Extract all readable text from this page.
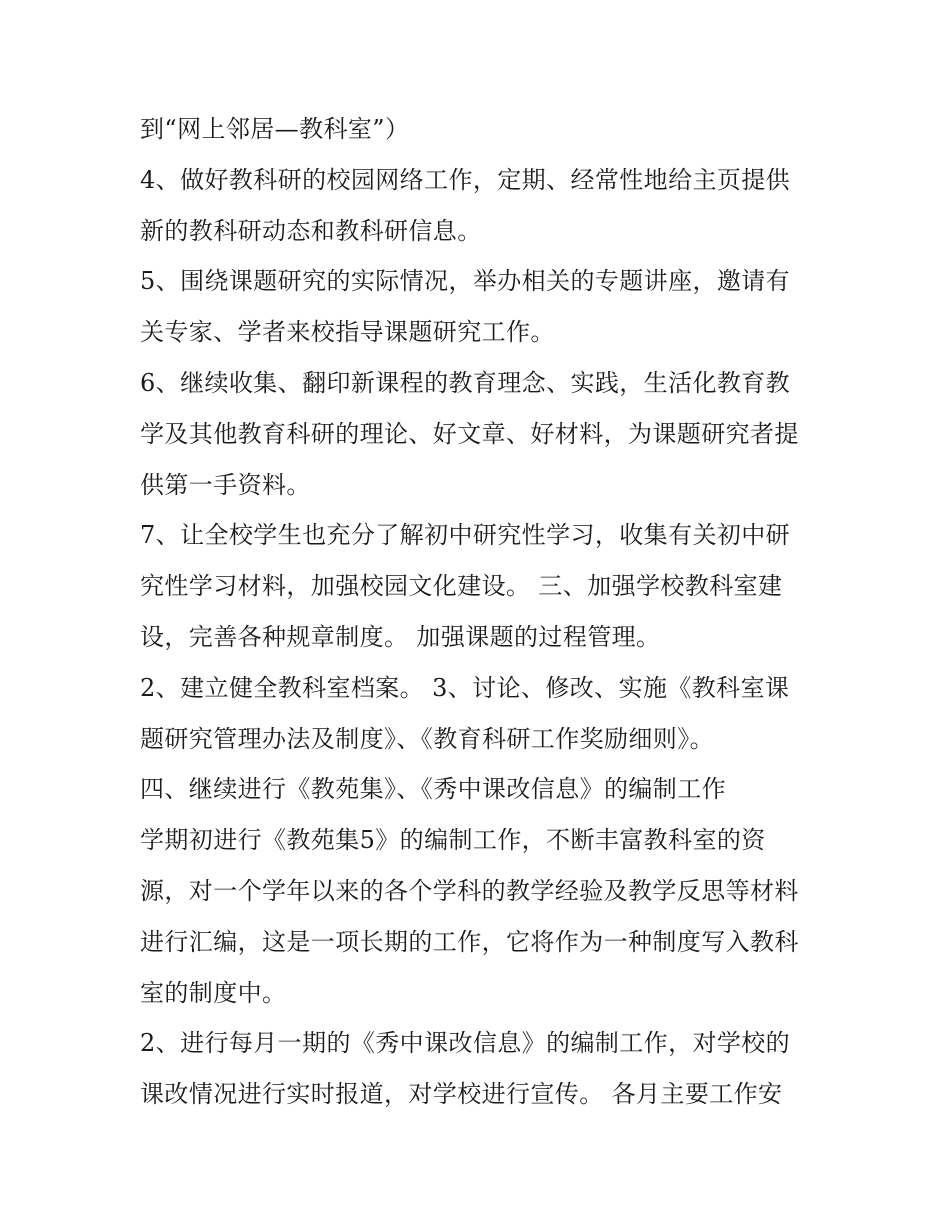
到“网上邻居—教科室”）
4、做好教科研的校园网络工作，定期、经常性地给主页提供
新的教科研动态和教科研信息。
5、围绕课题研究的实际情况，举办相关的专题讲座，邀请有
关专家、学者来校指导课题研究工作。
6、继续收集、翻印新课程的教育理念、实践，生活化教育教
学及其他教育科研的理论、好文章、好材料，为课题研究者提
供第一手资料。
7、让全校学生也充分了解初中研究性学习，收集有关初中研
究性学习材料，加强校园文化建设。 三、加强学校教科室建
设，完善各种规章制度。 加强课题的过程管理。
2、建立健全教科室档案。 3、讨论、修改、实施《教科室课
题研究管理办法及制度》、《教育科研工作奖励细则》。
四、继续进行《教苑集》、《秀中课改信息》的编制工作
学期初进行《教苑集5》的编制工作，不断丰富教科室的资
源，对一个学年以来的各个学科的教学经验及教学反思等材料
进行汇编，这是一项长期的工作，它将作为一种制度写入教科
室的制度中。
2、进行每月一期的《秀中课改信息》的编制工作，对学校的
课改情况进行实时报道，对学校进行宣传。 各月主要工作安
